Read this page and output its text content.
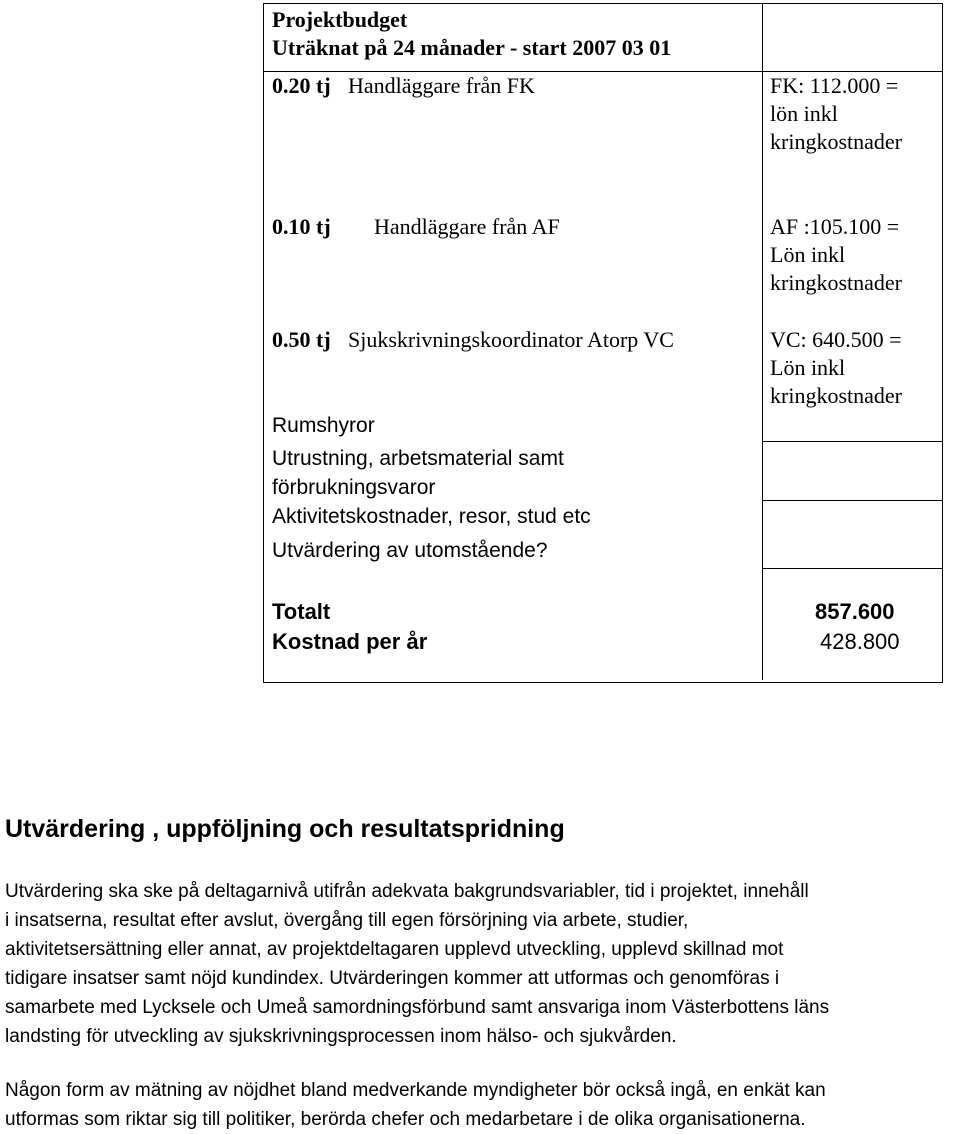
Projektbudget
Uträknat på 24 månader - start 2007 03 01
0.20 tj Handläggare från FK	FK: 112.000 =
lön inkl
kringkostnader
0.10 tj Handläggare från AF	AF :105.100 =
Lön inkl
kringkostnader
0.50 tj Sjukskrivningskoordinator Atorp VC	VC: 640.500 =
Lön inkl
kringkostnader
Rumshyror
Utrustning, arbetsmaterial samt
förbrukningsvaror
Aktivitetskostnader, resor, stud etc
Utvärdering av utomstående?
Totalt	857.600
Kostnad per år	428.800
Utvärdering , uppföljning och resultatspridning
Utvärdering ska ske på deltagarnivå utifrån adekvata bakgrundsvariabler, tid i projektet, innehåll
i insatserna, resultat efter avslut, övergång till egen försörjning via arbete, studier,
aktivitetsersättning eller annat, av projektdeltagaren upplevd utveckling, upplevd skillnad mot
tidigare insatser samt nöjd kundindex. Utvärderingen kommer att utformas och genomföras i
samarbete med Lycksele och Umeå samordningsförbund samt ansvariga inom Västerbottens läns
landsting för utveckling av sjukskrivningsprocessen inom hälso- och sjukvården.
Någon form av mätning av nöjdhet bland medverkande myndigheter bör också ingå, en enkät kan
utformas som riktar sig till politiker, berörda chefer och medarbetare i de olika organisationerna.
